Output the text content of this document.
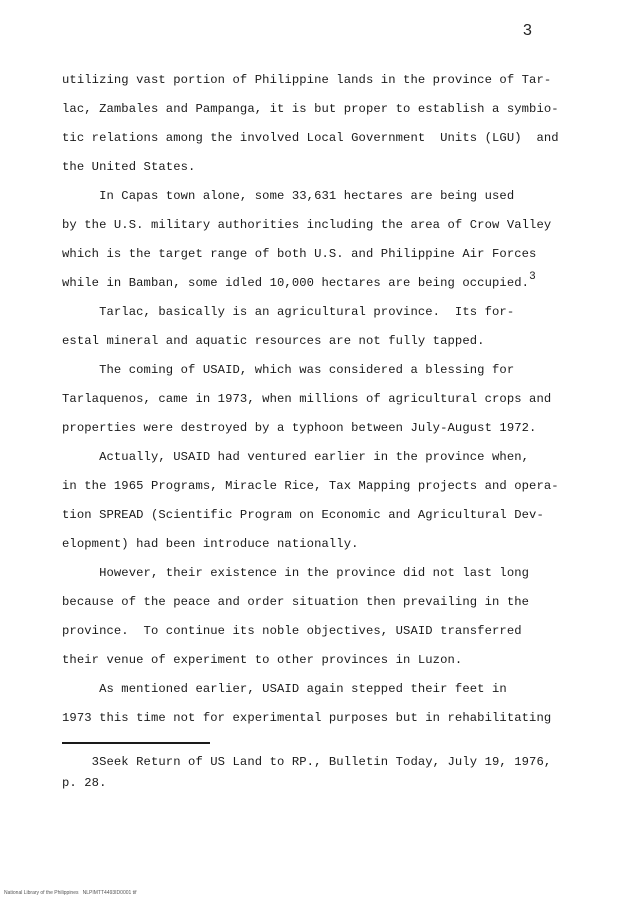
3
utilizing vast portion of Philippine lands in the province of Tar-
lac, Zambales and Pampanga, it is but proper to establish a symbio-
tic relations among the involved Local Government  Units (LGU)  and
the United States.
In Capas town alone, some 33,631 hectares are being used
by the U.S. military authorities including the area of Crow Valley
which is the target range of both U.S. and Philippine Air Forces
while in Bamban, some idled 10,000 hectares are being occupied.3
Tarlac, basically is an agricultural province.  Its for-
estal mineral and aquatic resources are not fully tapped.
The coming of USAID, which was considered a blessing for
Tarlaquenos, came in 1973, when millions of agricultural crops and
properties were destroyed by a typhoon between July-August 1972.
Actually, USAID had ventured earlier in the province when,
in the 1965 Programs, Miracle Rice, Tax Mapping projects and opera-
tion SPREAD (Scientific Program on Economic and Agricultural Dev-
elopment) had been introduce nationally.
However, their existence in the province did not last long
because of the peace and order situation then prevailing in the
province.  To continue its noble objectives, USAID transferred
their venue of experiment to other provinces in Luzon.
As mentioned earlier, USAID again stepped their feet in
1973 this time not for experimental purposes but in rehabilitating
3Seek Return of US Land to RP., Bulletin Today, July 19, 1976,
p. 28.
National Library of the Philippines   NLPIMTT4493ID0001 tif
